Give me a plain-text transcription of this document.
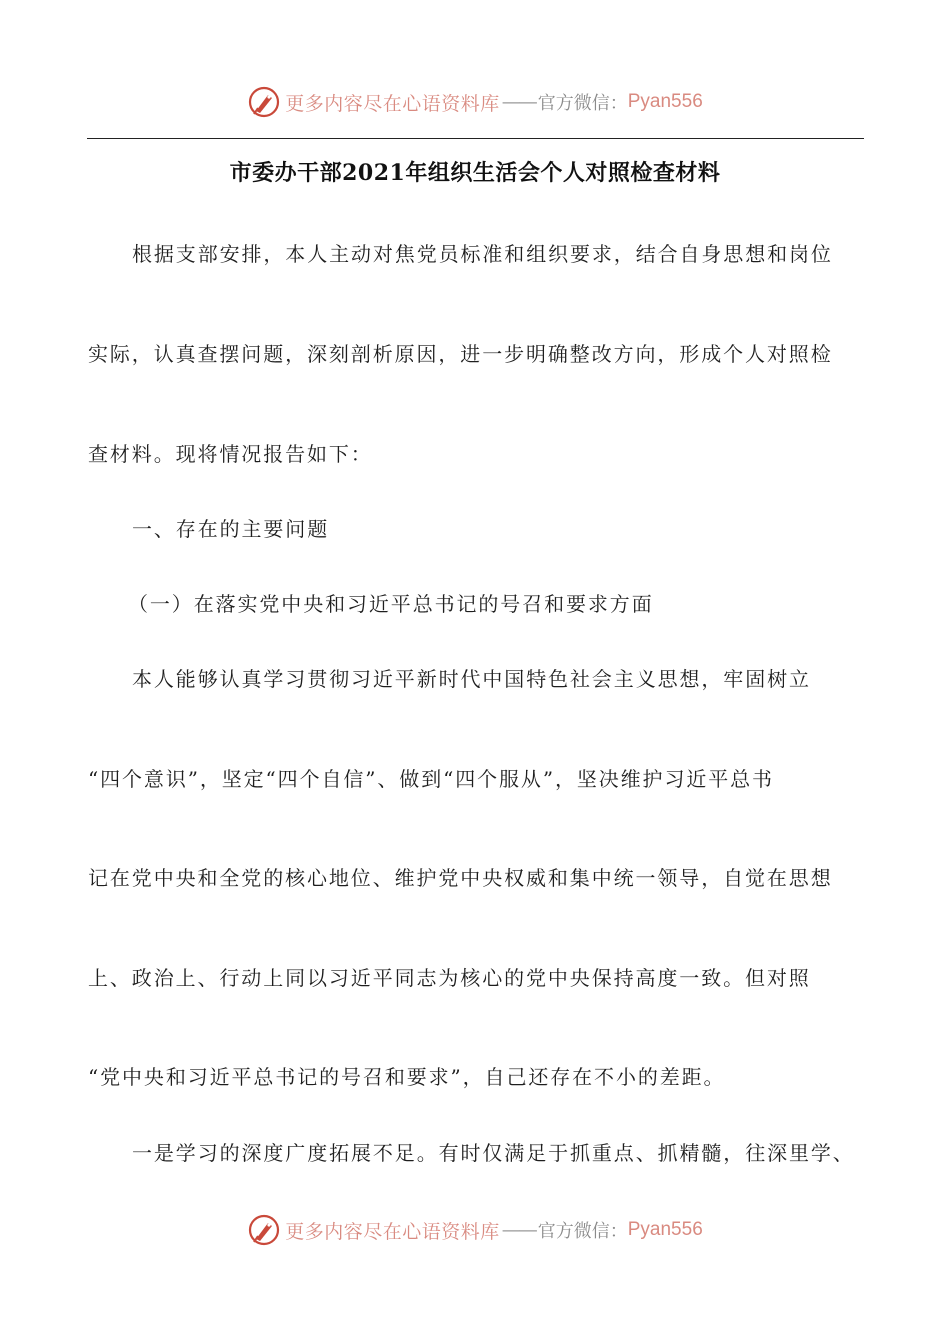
更多内容尽在心语资料库 —— 官方微信： Pyan556
市委办干部2021年组织生活会个人对照检查材料
根据支部安排，本人主动对焦党员标准和组织要求，结合自身思想和岗位
实际，认真查摆问题，深刻剖析原因，进一步明确整改方向，形成个人对照检
查材料。现将情况报告如下：
一、存在的主要问题
（一）在落实党中央和习近平总书记的号召和要求方面
本人能够认真学习贯彻习近平新时代中国特色社会主义思想，牢固树立
“四个意识”，坚定“四个自信”、做到“四个服从”，坚决维护习近平总书
记在党中央和全党的核心地位、维护党中央权威和集中统一领导，自觉在思想
上、政治上、行动上同以习近平同志为核心的党中央保持高度一致。但对照
“党中央和习近平总书记的号召和要求”，自己还存在不小的差距。
一是学习的深度广度拓展不足。有时仅满足于抓重点、抓精髓，往深里学、
更多内容尽在心语资料库 —— 官方微信： Pyan556
